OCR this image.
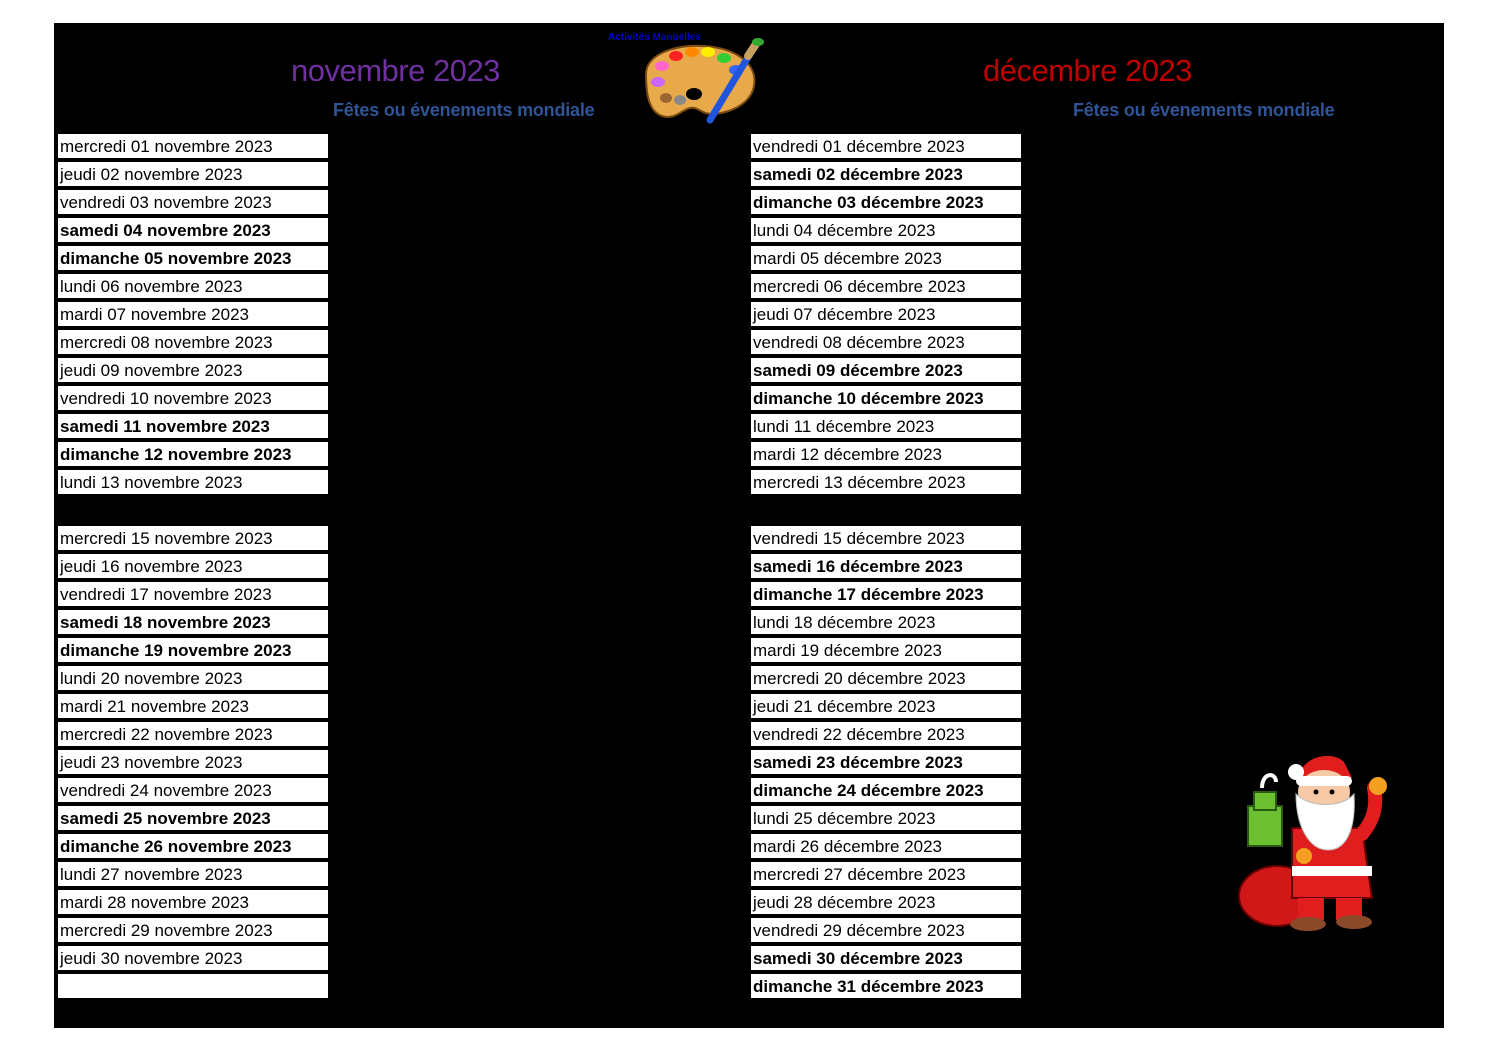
novembre 2023	décembre 2023
Fêtes ou évenements mondiale	Fêtes ou évenements mondiale
Activités Manuelles
mercredi 01 novembre 2023
jeudi 02 novembre 2023
vendredi 03 novembre 2023
samedi 04 novembre 2023
dimanche 05 novembre 2023
lundi 06 novembre 2023
mardi 07 novembre 2023
mercredi 08 novembre 2023
jeudi 09 novembre 2023
vendredi 10 novembre 2023
samedi 11 novembre 2023
dimanche 12 novembre 2023
lundi 13 novembre 2023
mercredi 15 novembre 2023
jeudi 16 novembre 2023
vendredi 17 novembre 2023
samedi 18 novembre 2023
dimanche 19 novembre 2023
lundi 20 novembre 2023
mardi 21 novembre 2023
mercredi 22 novembre 2023
jeudi 23 novembre 2023
vendredi 24 novembre 2023
samedi 25 novembre 2023
dimanche 26 novembre 2023
lundi 27 novembre 2023
mardi 28 novembre 2023
mercredi 29 novembre 2023
jeudi 30 novembre 2023
vendredi 01 décembre 2023
samedi 02 décembre 2023
dimanche 03 décembre 2023
lundi 04 décembre 2023
mardi 05 décembre 2023
mercredi 06 décembre 2023
jeudi 07 décembre 2023
vendredi 08 décembre 2023
samedi 09 décembre 2023
dimanche 10 décembre 2023
lundi 11 décembre 2023
mardi 12 décembre 2023
mercredi 13 décembre 2023
vendredi 15 décembre 2023
samedi 16 décembre 2023
dimanche 17 décembre 2023
lundi 18 décembre 2023
mardi 19 décembre 2023
mercredi 20 décembre 2023
jeudi 21 décembre 2023
vendredi 22 décembre 2023
samedi 23 décembre 2023
dimanche 24 décembre 2023
lundi 25 décembre 2023
mardi 26 décembre 2023
mercredi 27 décembre 2023
jeudi 28 décembre 2023
vendredi 29 décembre 2023
samedi 30 décembre 2023
dimanche 31 décembre 2023
